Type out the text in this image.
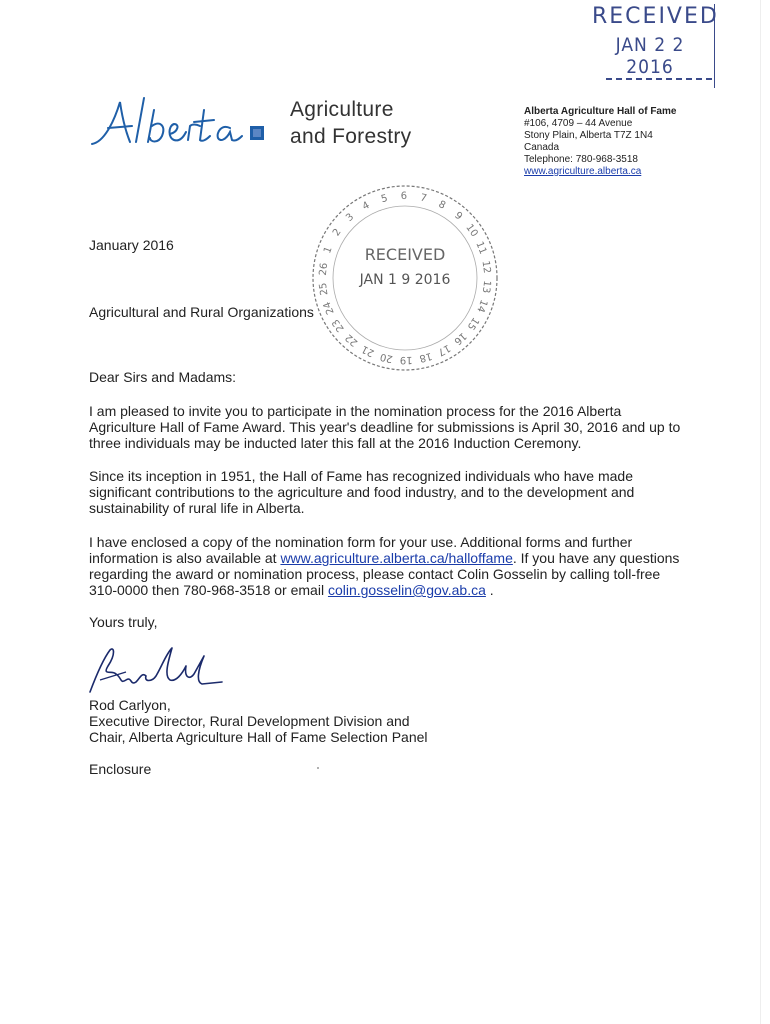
RECEIVED
JAN 2 2 2016
Agriculture
and Forestry
Alberta Agriculture Hall of Fame
#106, 4709 – 44 Avenue
Stony Plain, Alberta T7Z 1N4
Canada
Telephone: 780-968-3518
www.agriculture.alberta.ca
1
2
3
4
5 6 7
8
9
10
11
12
13
14
15
16
17
18
19
20
21
22
23
24
25
26
RECEIVED
JAN 1 9 2016
January 2016
Agricultural and Rural Organizations
Dear Sirs and Madams:
I am pleased to invite you to participate in the nomination process for the 2016 Alberta Agriculture Hall of Fame Award. This year's deadline for submissions is April 30, 2016 and up to three individuals may be inducted later this fall at the 2016 Induction Ceremony.
Since its inception in 1951, the Hall of Fame has recognized individuals who have made significant contributions to the agriculture and food industry, and to the development and sustainability of rural life in Alberta.
I have enclosed a copy of the nomination form for your use. Additional forms and further information is also available at www.agriculture.alberta.ca/halloffame. If you have any questions regarding the award or nomination process, please contact Colin Gosselin by calling toll-free 310-0000 then 780-968-3518 or email colin.gosselin@gov.ab.ca .
Yours truly,
Rod Carlyon,
Executive Director, Rural Development Division and
Chair, Alberta Agriculture Hall of Fame Selection Panel
Enclosure
